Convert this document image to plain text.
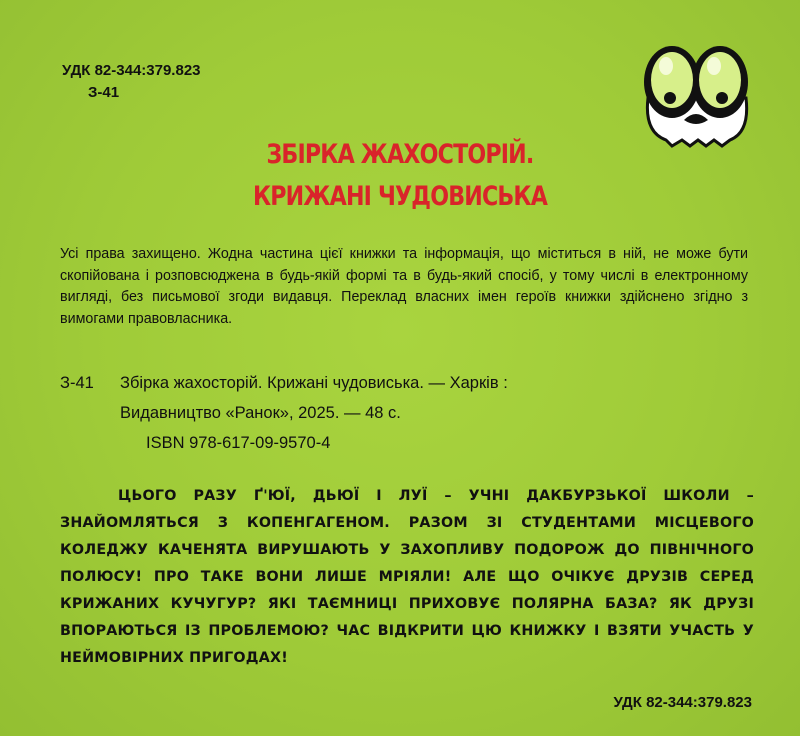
УДК 82-344:379.823
З-41
ЗБІРКА ЖАХОСТОРІЙ.
КРИЖАНІ ЧУДОВИСЬКА
Усі права захищено. Жодна частина цієї книжки та інформація, що міститься в ній, не може бути скопійована і розповсюджена в будь-якій формі та в будь-який спосіб, у тому числі в електронному вигляді, без письмової згоди видавця. Переклад власних імен героїв книжки здійснено згідно з вимогами правовласника.
З-41	Збірка жахосторій. Крижані чудовиська. — Харків :
Видавництво «Ранок», 2025. — 48 с.
ISBN 978-617-09-9570-4
ЦЬОГО РАЗУ Ґ'ЮЇ, ДЬЮЇ І ЛУЇ – УЧНІ ДАКБУРЗЬКОЇ ШКОЛИ – ЗНАЙОМЛЯТЬСЯ З КОПЕНГАГЕНОМ. РАЗОМ ЗІ СТУДЕНТАМИ МІСЦЕВОГО КОЛЕДЖУ КАЧЕНЯТА ВИРУШАЮТЬ У ЗАХОПЛИВУ ПОДОРОЖ ДО ПІВНІЧНОГО ПОЛЮСУ! ПРО ТАКЕ ВОНИ ЛИШЕ МРІЯЛИ! АЛЕ ЩО ОЧІКУЄ ДРУЗІВ СЕРЕД КРИЖАНИХ КУЧУГУР? ЯКІ ТАЄМНИЦІ ПРИХОВУЄ ПОЛЯРНА БАЗА? ЯК ДРУЗІ ВПОРАЮТЬСЯ ІЗ ПРОБЛЕМОЮ? ЧАС ВІДКРИТИ ЦЮ КНИЖКУ І ВЗЯТИ УЧАСТЬ У НЕЙМОВІРНИХ ПРИГОДАХ!
УДК 82-344:379.823
